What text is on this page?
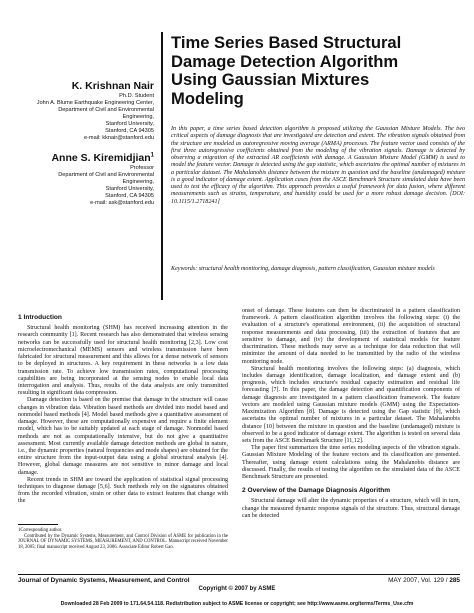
K. Krishnan Nair
Ph.D. Student
John A. Blume Earthquake Engineering Center,
Department of Civil and Environmental
Engineering,
Stanford University,
Stanford, CA 94305
e-mail: kknair@stanford.edu
Anne S. Kiremidjian$^1$
Professor
Department of Civil and Environmental
Engineering,
Stanford University,
Stanford, CA 94305
e-mail: ask@stanford.edu
Time Series Based Structural
Damage Detection Algorithm
Using Gaussian Mixtures
Modeling
In this paper, a time series based detection algorithm is proposed utilizing the Gaussian Mixture Models. The two critical aspects of damage diagnosis that are investigated are detection and extent. The vibration signals obtained from the structure are modeled as autoregressive moving average (ARMA) processes. The feature vector used consists of the first three autoregressive coefficients obtained from the modeling of the vibration signals. Damage is detected by observing a migration of the extracted AR coefficients with damage. A Gaussian Mixture Model (GMM) is used to model the feature vector. Damage is detected using the gap statistic, which ascertains the optimal number of mixtures in a particular dataset. The Mahalanobis distance between the mixture in question and the baseline (undamaged) mixture is a good indicator of damage extent. Application cases from the ASCE Benchmark Structure simulated data have been used to test the efficacy of the algorithm. This approach provides a useful framework for data fusion, where different measurements such as strains, temperature, and humidity could be used for a more robust damage decision. [DOI: 10.1115/1.2718241]
Keywords: structural health monitoring, damage diagnosis, pattern classification, Gaussian mixture models
1 Introduction

Structural health monitoring (SHM) has received increasing attention in the research community [1]. Recent research has also demonstrated that wireless sensing networks can be successfully used for structural health monitoring [2,3]. Low cost microelectromechanical (MEMS) sensors and wireless transmission have been fabricated for structural measurement and this allows for a dense network of sensors to be deployed in structures. A key requirement in these networks is a low data transmission rate. To achieve low transmission rates, computational processing capabilities are being incorporated at the sensing nodes to enable local data interrogation and analysis. Thus, results of the data analysis are only transmitted resulting in significant data compression.

Damage detection is based on the premise that damage in the structure will cause changes in vibration data. Vibration based methods are divided into model based and nonmodel based methods [4]. Model based methods give a quantitative assessment of damage. However, these are computationally expensive and require a finite element model, which has to be suitably updated at each stage of damage. Nonmodel based methods are not as computationally intensive, but do not give a quantitative assessment. Most currently available damage detection methods are global in nature, i.e., the dynamic properties (natural frequencies and mode shapes) are obtained for the entire structure from the input-output data using a global structural analysis [4]. However, global damage measures are not sensitive to minor damage and local damage.

Recent trends in SHM are toward the application of statistical signal processing techniques to diagnose damage [5,6]. Such methods rely on the signatures obtained from the recorded vibration, strain or other data to extract features that change with the

1Corresponding author.
Contributed by the Dynamic Systems, Measurement, and Control Division of ASME for publication in the JOURNAL OF DYNAMIC SYSTEMS, MEASUREMENT, AND CONTROL. Manuscript received November 18, 2005; final manuscript received August 23, 2006. Associate Editor Robert Gao.

onset of damage. These features can then be discriminated in a pattern classification framework. A pattern classification algorithm involves the following steps: (i) the evaluation of a structure's operational environment, (ii) the acquisition of structural response measurements and data processing, (iii) the extraction of features that are sensitive to damage, and (iv) the development of statistical models for feature discrimination. These methods may serve as a technique for data reduction that will minimize the amount of data needed to be transmitted by the radio of the wireless monitoring node.

Structural health monitoring involves the following steps: (a) diagnosis, which includes damage identification, damage localization, and damage extent and (b) prognosis, which includes structure's residual capacity estimation and residual life forecasting [7]. In this paper, the damage detection and quantification components of damage diagnosis are investigated in a pattern classification framework. The feature vectors are modeled using Gaussian mixture models (GMM) using the Expectation-Maximization Algorithm [8]. Damage is detected using the Gap statistic [9], which ascertains the optimal number of mixtures in a particular dataset. The Mahalanobis distance [10] between the mixture in question and the baseline (undamaged) mixture is observed to be a good indicator of damage extent. The algorithm is tested on several data sets from the ASCE Benchmark Structure [11,12].

The paper first summarizes the time series modeling aspects of the vibration signals. Gaussian Mixture Modeling of the feature vectors and its classification are presented. Thereafter, using damage extent calculations using the Mahalanobis distance are discussed. Finally, the results of testing the algorithm on the simulated data of the ASCE Benchmark Structure are presented.

2 Overview of the Damage Diagnosis Algorithm

Structural damage will alter the dynamic properties of a structure, which will in turn, change the measured dynamic response signals of the structure. Thus, structural damage can be detected

Journal of Dynamic Systems, Measurement, and Control	MAY 2007, Vol. 129 / 285
Copyright © 2007 by ASME
Downloaded 28 Feb 2009 to 171.64.54.118. Redistribution subject to ASME license or copyright; see http://www.asme.org/terms/Terms_Use.cfm
